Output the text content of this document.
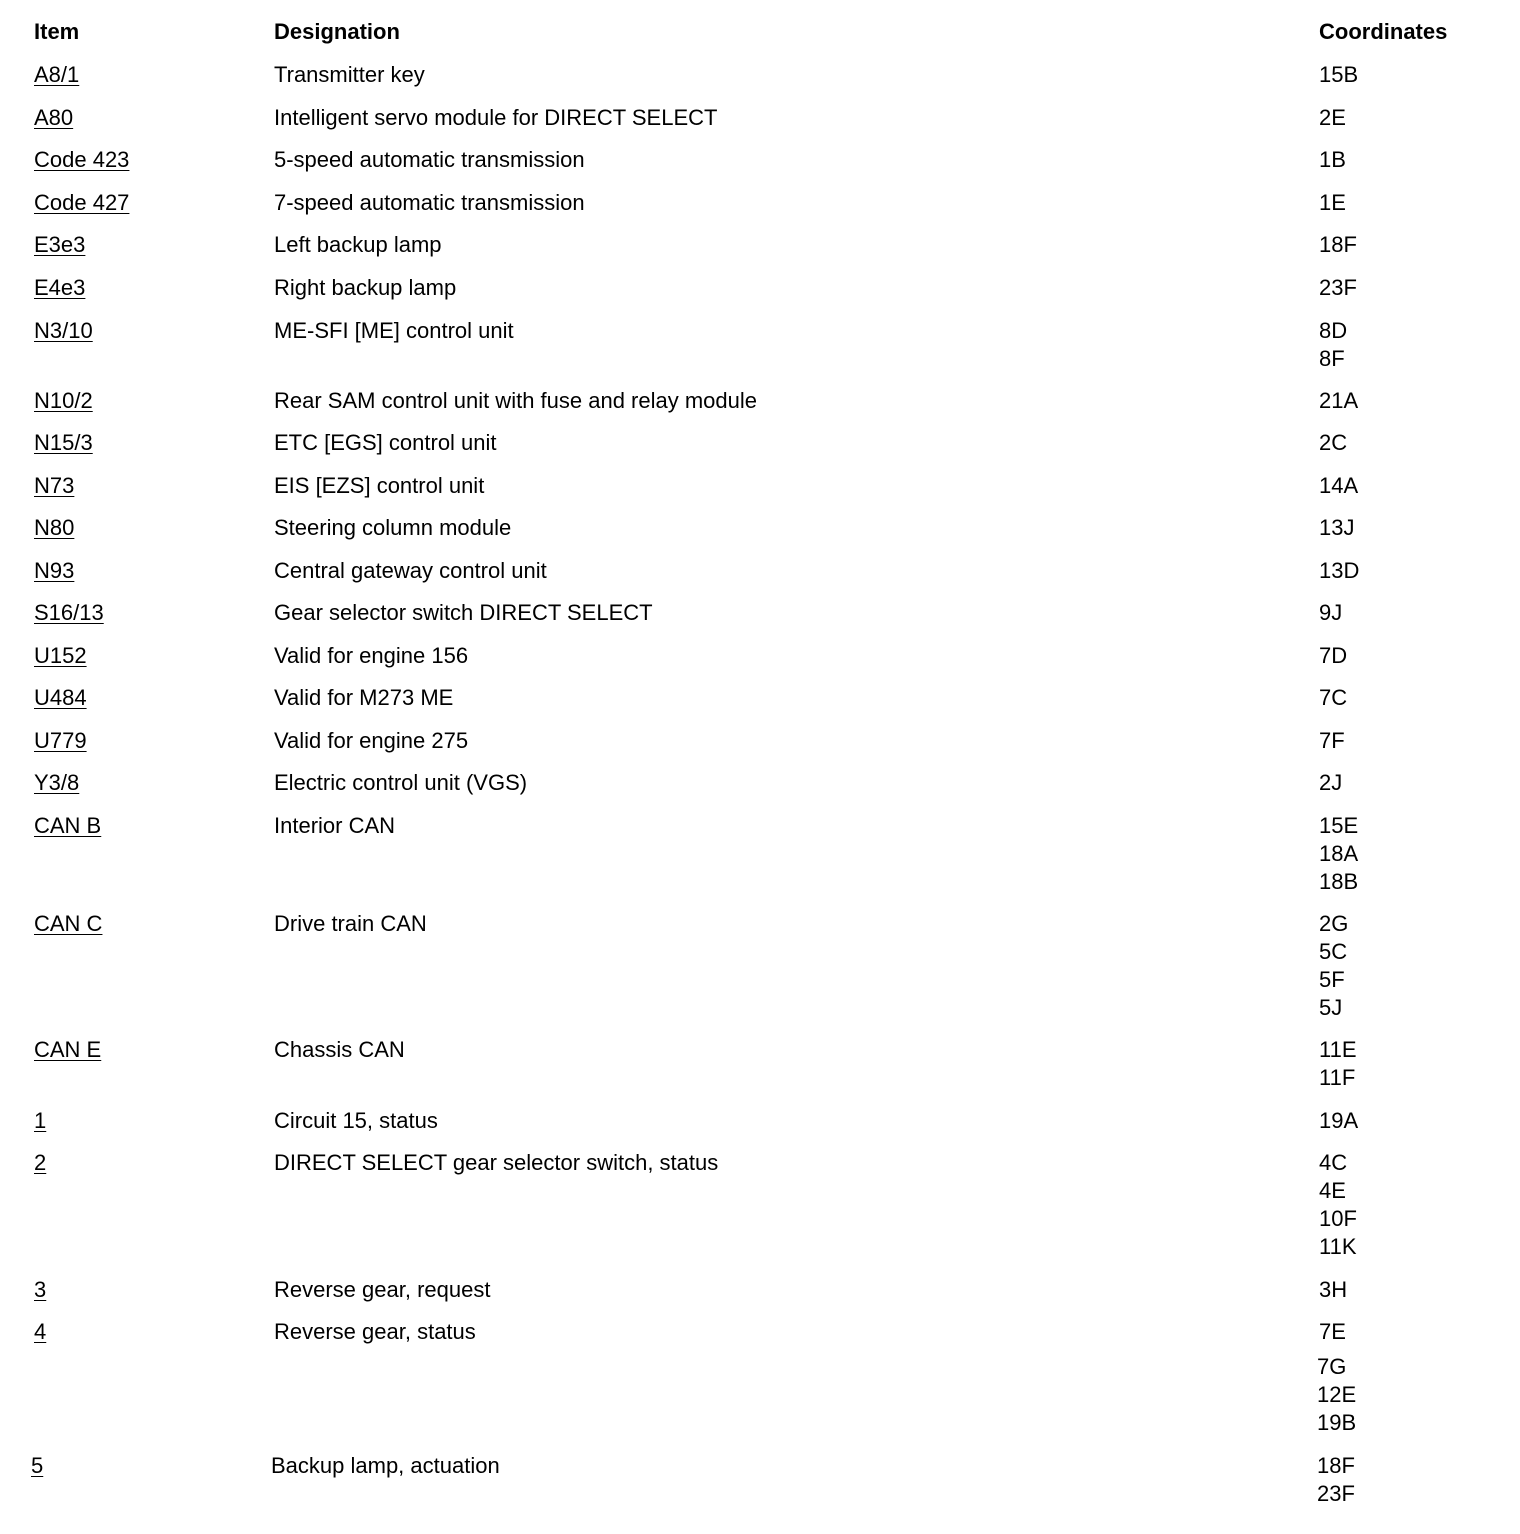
Item	Designation	Coordinates
A8/1	Transmitter key	15B
A80	Intelligent servo module for DIRECT SELECT	2E
Code 423	5-speed automatic transmission	1B
Code 427	7-speed automatic transmission	1E
E3e3	Left backup lamp	18F
E4e3	Right backup lamp	23F
N3/10	ME-SFI [ME] control unit	8D
8F
N10/2	Rear SAM control unit with fuse and relay module	21A
N15/3	ETC [EGS] control unit	2C
N73	EIS [EZS] control unit	14A
N80	Steering column module	13J
N93	Central gateway control unit	13D
S16/13	Gear selector switch DIRECT SELECT	9J
U152	Valid for engine 156	7D
U484	Valid for M273 ME	7C
U779	Valid for engine 275	7F
Y3/8	Electric control unit (VGS)	2J
CAN B	Interior CAN	15E
18A
18B
CAN C	Drive train CAN	2G
5C
5F
5J
CAN E	Chassis CAN	11E
11F
1	Circuit 15, status	19A
2	DIRECT SELECT gear selector switch, status	4C
4E
10F
11K
3	Reverse gear, request	3H
4	Reverse gear, status	7E
7G
12E
19B
5	Backup lamp, actuation	18F
23F
